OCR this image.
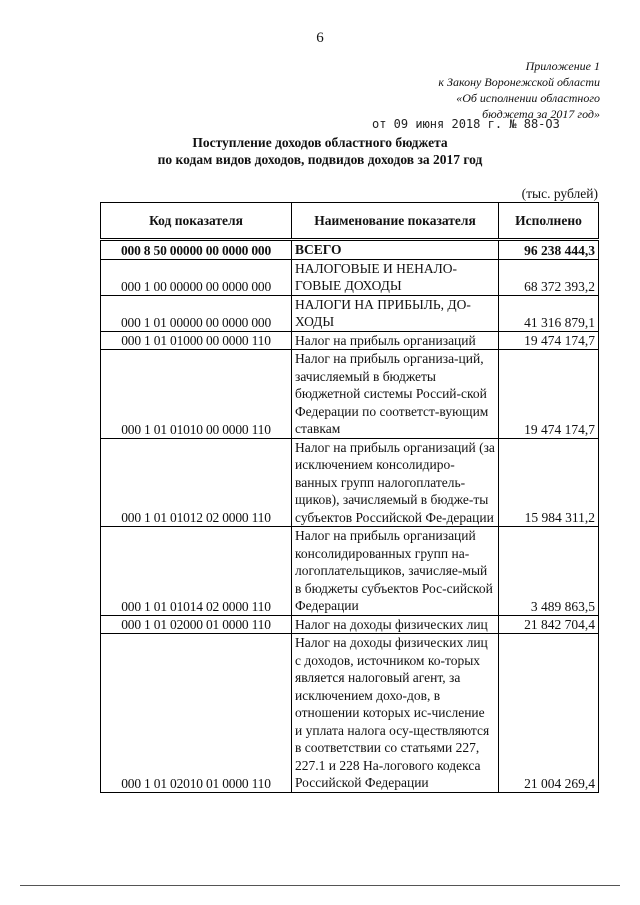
6
Приложение 1
к Закону Воронежской области
«Об исполнении областного
бюджета за 2017 год»
от 09 июня 2018 г. № 88-ОЗ
Поступление доходов областного бюджета
по кодам видов доходов, подвидов доходов за 2017 год
(тыс. рублей)
Код показателя	Наименование показателя	Исполнено
000 8 50 00000 00 0000 000	ВСЕГО	96 238 444,3
000 1 00 00000 00 0000 000	НАЛОГОВЫЕ И НЕНАЛО-ГОВЫЕ ДОХОДЫ	68 372 393,2
000 1 01 00000 00 0000 000	НАЛОГИ НА ПРИБЫЛЬ, ДО-ХОДЫ	41 316 879,1
000 1 01 01000 00 0000 110	Налог на прибыль организаций	19 474 174,7
000 1 01 01010 00 0000 110	Налог на прибыль организа-ций, зачисляемый в бюджеты бюджетной системы Россий-ской Федерации по соответст-вующим ставкам	19 474 174,7
000 1 01 01012 02 0000 110	Налог на прибыль организаций (за исключением консолидиро-ванных групп налогоплатель-щиков), зачисляемый в бюдже-ты субъектов Российской Фе-дерации	15 984 311,2
000 1 01 01014 02 0000 110	Налог на прибыль организаций консолидированных групп на-логоплательщиков, зачисляе-мый в бюджеты субъектов Рос-сийской Федерации	3 489 863,5
000 1 01 02000 01 0000 110	Налог на доходы физических лиц	21 842 704,4
000 1 01 02010 01 0000 110	Налог на доходы физических лиц с доходов, источником ко-торых является налоговый агент, за исключением дохо-дов, в отношении которых ис-числение и уплата налога осу-ществляются в соответствии со статьями 227, 227.1 и 228 На-логового кодекса Российской Федерации	21 004 269,4
